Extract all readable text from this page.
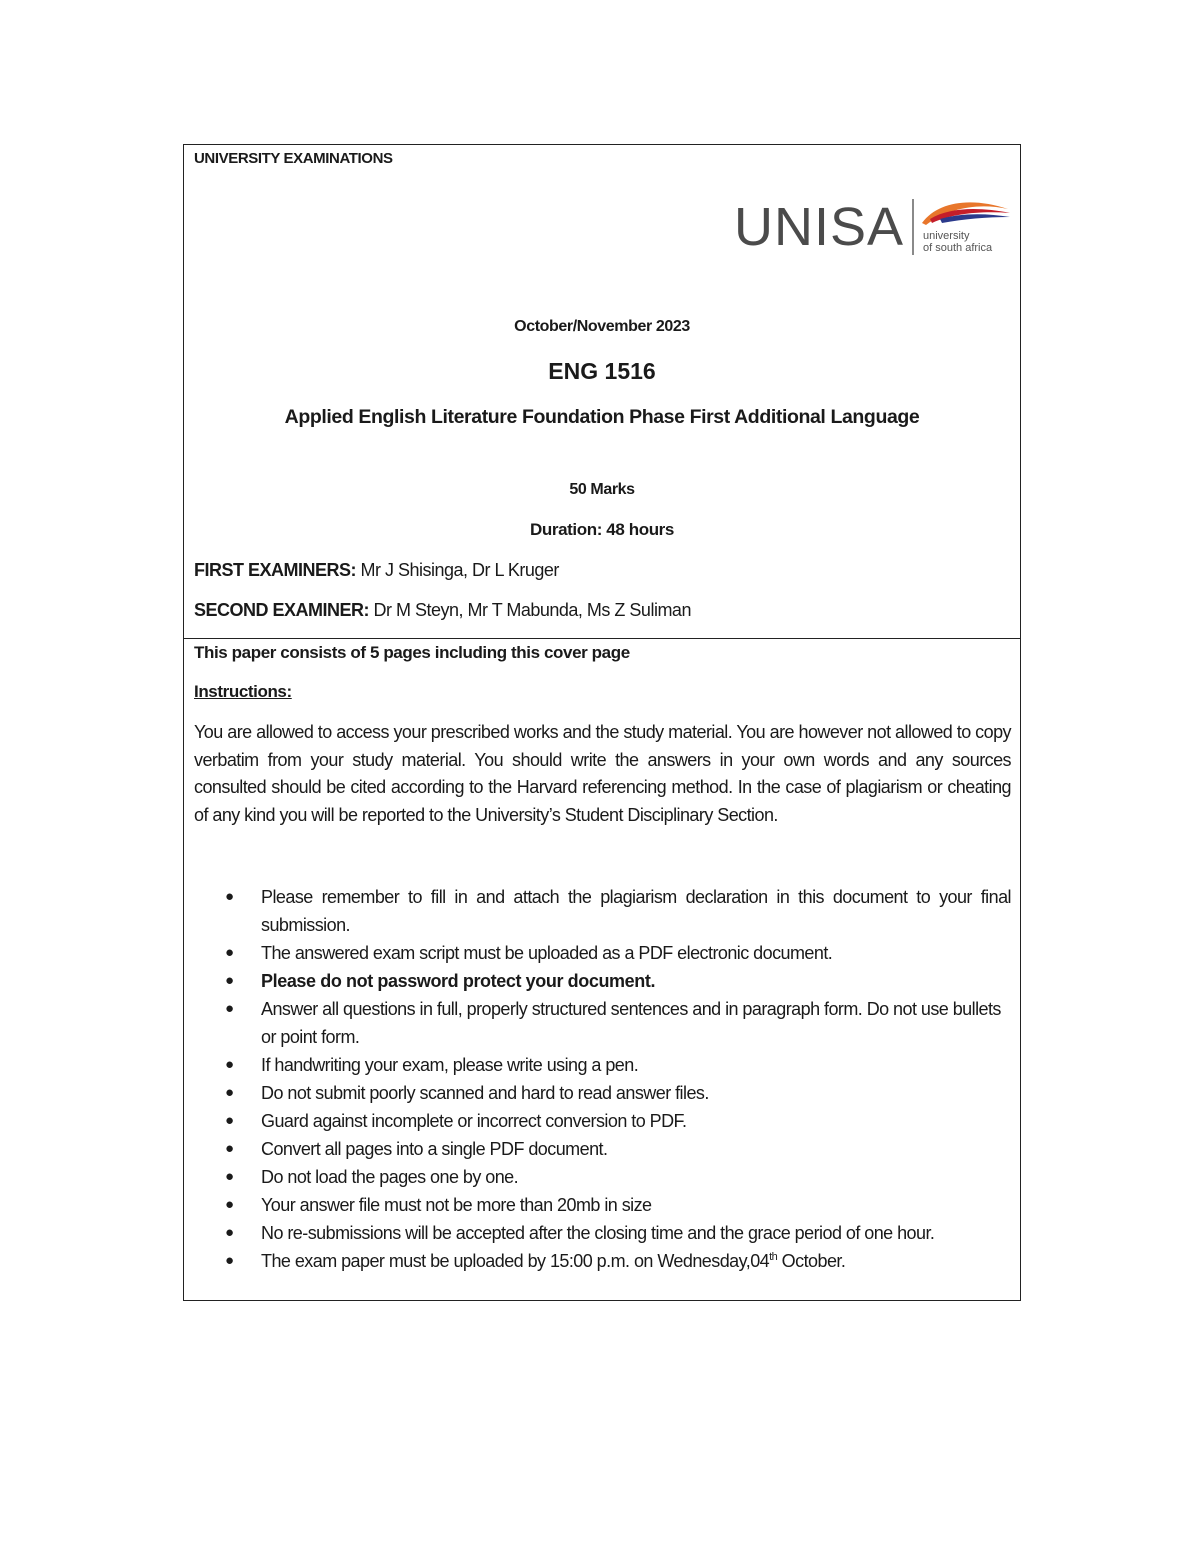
UNIVERSITY EXAMINATIONS
UNISA university
of south africa
October/November 2023
ENG 1516
Applied English Literature Foundation Phase First Additional Language
50 Marks
Duration: 48 hours
FIRST EXAMINERS: Mr J Shisinga, Dr L Kruger
SECOND EXAMINER: Dr M Steyn, Mr T Mabunda, Ms Z Suliman
This paper consists of 5 pages including this cover page
Instructions:

You are allowed to access your prescribed works and the study material. You are however not allowed to copy verbatim from your study material. You should write the answers in your own words and any sources consulted should be cited according to the Harvard referencing method. In the case of plagiarism or cheating of any kind you will be reported to the University’s Student Disciplinary Section.

● Please remember to fill in and attach the plagiarism declaration in this document to your final submission.
● The answered exam script must be uploaded as a PDF electronic document.
● Please do not password protect your document.
● Answer all questions in full, properly structured sentences and in paragraph form. Do not use bullets or point form.
● If handwriting your exam, please write using a pen.
● Do not submit poorly scanned and hard to read answer files.
● Guard against incomplete or incorrect conversion to PDF.
● Convert all pages into a single PDF document.
● Do not load the pages one by one.
● Your answer file must not be more than 20mb in size
● No re-submissions will be accepted after the closing time and the grace period of one hour.
● The exam paper must be uploaded by 15:00 p.m. on Wednesday,04th October.
